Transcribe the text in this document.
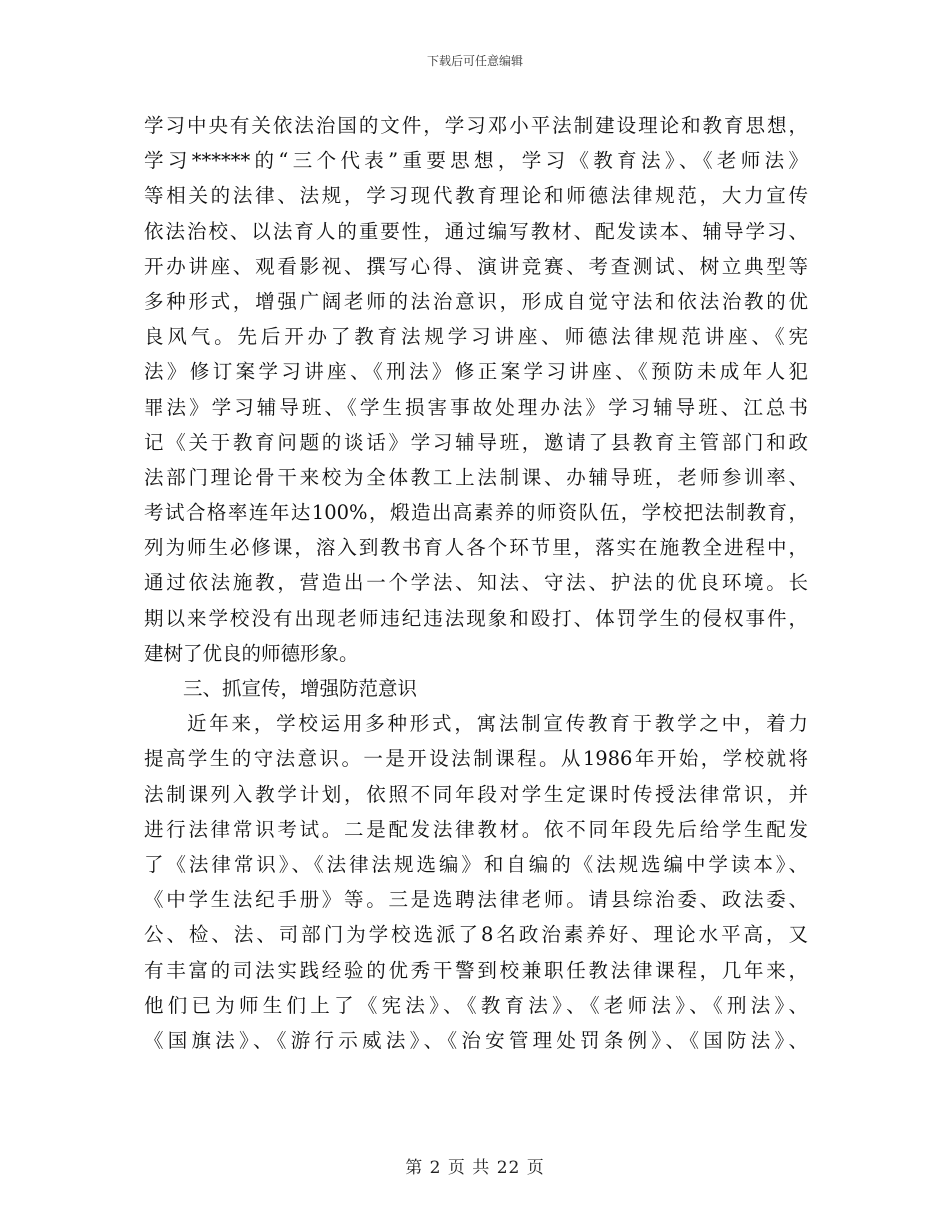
下载后可任意编辑
学习中央有关依法治国的文件，学习邓小平法制建设理论和教育思想，
学习******的“三个代表”重要思想，学习《教育法》、《老师法》
等相关的法律、法规，学习现代教育理论和师德法律规范，大力宣传
依法治校、以法育人的重要性，通过编写教材、配发读本、辅导学习、
开办讲座、观看影视、撰写心得、演讲竞赛、考查测试、树立典型等
多种形式，增强广阔老师的法治意识，形成自觉守法和依法治教的优
良风气。先后开办了教育法规学习讲座、师德法律规范讲座、《宪
法》修订案学习讲座、《刑法》修正案学习讲座、《预防未成年人犯
罪法》学习辅导班、《学生损害事故处理办法》学习辅导班、江总书
记《关于教育问题的谈话》学习辅导班，邀请了县教育主管部门和政
法部门理论骨干来校为全体教工上法制课、办辅导班，老师参训率、
考试合格率连年达100%，煅造出高素养的师资队伍，学校把法制教育，
列为师生必修课，溶入到教书育人各个环节里，落实在施教全进程中，
通过依法施教，营造出一个学法、知法、守法、护法的优良环境。长
期以来学校没有出现老师违纪违法现象和殴打、体罚学生的侵权事件，
建树了优良的师德形象。
三、抓宣传，增强防范意识
近年来，学校运用多种形式，寓法制宣传教育于教学之中，着力
提高学生的守法意识。一是开设法制课程。从1986年开始，学校就将
法制课列入教学计划，依照不同年段对学生定课时传授法律常识，并
进行法律常识考试。二是配发法律教材。依不同年段先后给学生配发
了《法律常识》、《法律法规选编》和自编的《法规选编中学读本》、
《中学生法纪手册》等。三是选聘法律老师。请县综治委、政法委、
公、检、法、司部门为学校选派了8名政治素养好、理论水平高，又
有丰富的司法实践经验的优秀干警到校兼职任教法律课程，几年来，
他们已为师生们上了《宪法》、《教育法》、《老师法》、《刑法》、
《国旗法》、《游行示威法》、《治安管理处罚条例》、《国防法》、
第 2 页 共 22 页
